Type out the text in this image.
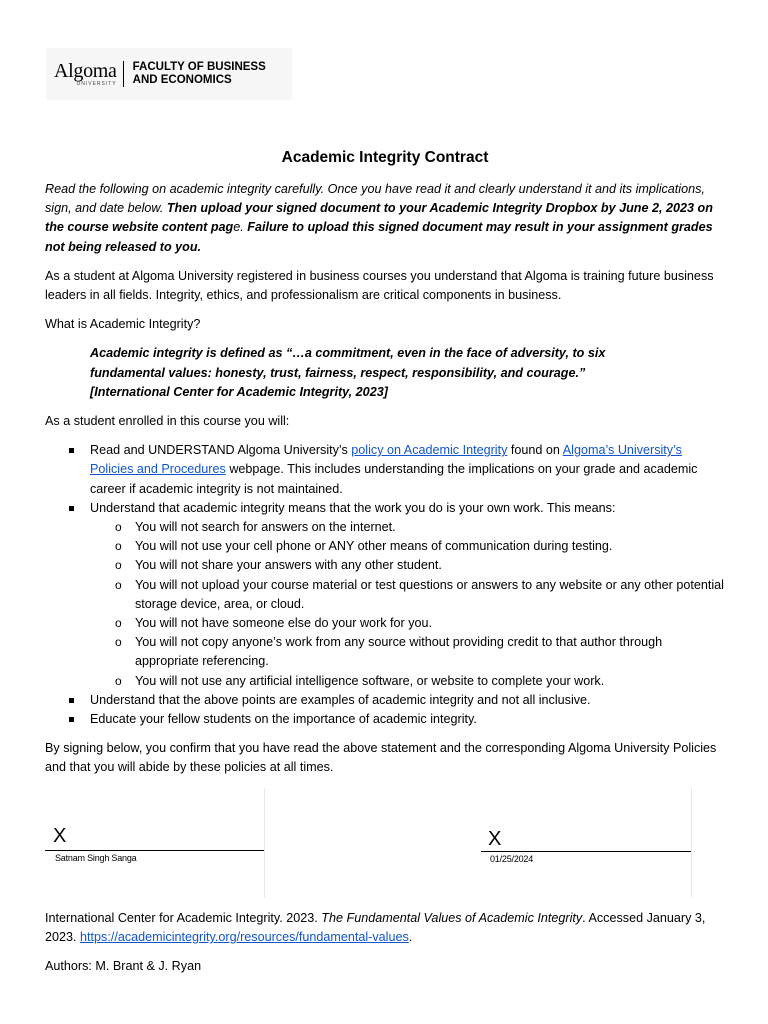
Algoma
UNIVERSITY
FACULTY OF BUSINESS
AND ECONOMICS
Academic Integrity Contract

Read the following on academic integrity carefully. Once you have read it and clearly understand it and its implications, sign, and date below. Then upload your signed document to your Academic Integrity Dropbox by June 2, 2023 on the course website content page. Failure to upload this signed document may result in your assignment grades not being released to you.

As a student at Algoma University registered in business courses you understand that Algoma is training future business leaders in all fields. Integrity, ethics, and professionalism are critical components in business.

What is Academic Integrity?

Academic integrity is defined as “…a commitment, even in the face of adversity, to six
fundamental values: honesty, trust, fairness, respect, responsibility, and courage.”
[International Center for Academic Integrity, 2023]

As a student enrolled in this course you will:

Read and UNDERSTAND Algoma University’s policy on Academic Integrity found on Algoma’s University’s Policies and Procedures webpage. This includes understanding the implications on your grade and academic career if academic integrity is not maintained.
Understand that academic integrity means that the work you do is your own work. This means:
o You will not search for answers on the internet.
o You will not use your cell phone or ANY other means of communication during testing.
o You will not share your answers with any other student.
o You will not upload your course material or test questions or answers to any website or any other potential storage device, area, or cloud.
o You will not have someone else do your work for you.
o You will not copy anyone’s work from any source without providing credit to that author through appropriate referencing.
o You will not use any artificial intelligence software, or website to complete your work.
Understand that the above points are examples of academic integrity and not all inclusive.
Educate your fellow students on the importance of academic integrity.

By signing below, you confirm that you have read the above statement and the corresponding Algoma University Policies and that you will abide by these policies at all times.

X
Satnam Singh Sanga
X
01/25/2024

International Center for Academic Integrity. 2023. The Fundamental Values of Academic Integrity. Accessed January 3, 2023. https://academicintegrity.org/resources/fundamental-values.

Authors: M. Brant & J. Ryan
